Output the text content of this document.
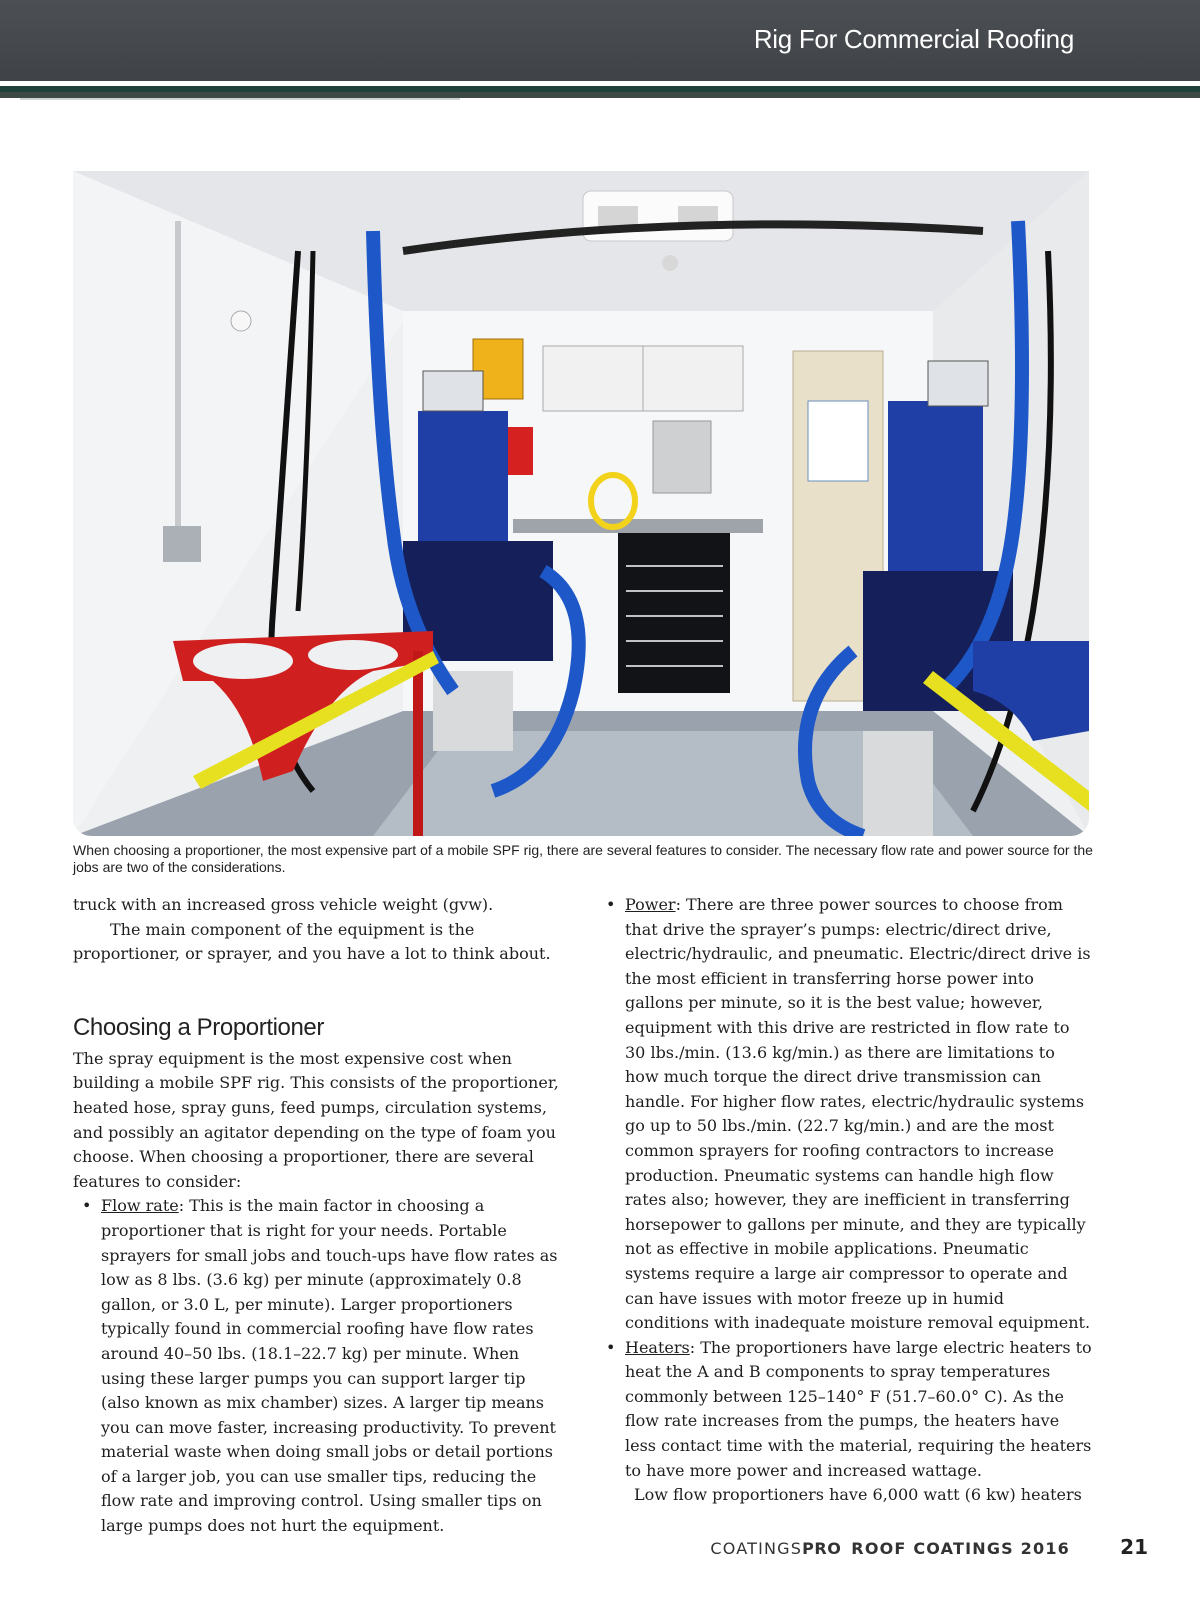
Rig For Commercial Roofing
When choosing a proportioner, the most expensive part of a mobile SPF rig, there are several features to consider. The necessary flow rate and power source for the jobs are two of the considerations.

truck with an increased gross vehicle weight (gvw).

The main component of the equipment is the proportioner, or sprayer, and you have a lot to think about.

Choosing a Proportioner

The spray equipment is the most expensive cost when building a mobile SPF rig. This consists of the proportioner, heated hose, spray guns, feed pumps, circulation systems, and possibly an agitator depending on the type of foam you choose. When choosing a proportioner, there are several features to consider:

• Flow rate: This is the main factor in choosing a proportioner that is right for your needs. Portable sprayers for small jobs and touch-ups have flow rates as low as 8 lbs. (3.6 kg) per minute (approximately 0.8 gallon, or 3.0 L, per minute). Larger proportioners typically found in commercial roofing have flow rates around 40–50 lbs. (18.1–22.7 kg) per minute. When using these larger pumps you can support larger tip (also known as mix chamber) sizes. A larger tip means you can move faster, increasing productivity. To prevent material waste when doing small jobs or detail portions of a larger job, you can use smaller tips, reducing the flow rate and improving control. Using smaller tips on large pumps does not hurt the equipment.
• Power: There are three power sources to choose from that drive the sprayer’s pumps: electric/direct drive, electric/hydraulic, and pneumatic. Electric/direct drive is the most efficient in transferring horse power into gallons per minute, so it is the best value; however, equipment with this drive are restricted in flow rate to 30 lbs./min. (13.6 kg/min.) as there are limitations to how much torque the direct drive transmission can handle. For higher flow rates, electric/hydraulic systems go up to 50 lbs./min. (22.7 kg/min.) and are the most common sprayers for roofing contractors to increase production. Pneumatic systems can handle high flow rates also; however, they are inefficient in transferring horsepower to gallons per minute, and they are typically not as effective in mobile applications. Pneumatic systems require a large air compressor to operate and can have issues with motor freeze up in humid conditions with inadequate moisture removal equipment.
• Heaters: The proportioners have large electric heaters to heat the A and B components to spray temperatures commonly between 125–140° F (51.7–60.0° C). As the flow rate increases from the pumps, the heaters have less contact time with the material, requiring the heaters to have more power and increased wattage.

Low flow proportioners have 6,000 watt (6 kw) heaters

COATINGSPRO ROOF COATINGS 2016	21
